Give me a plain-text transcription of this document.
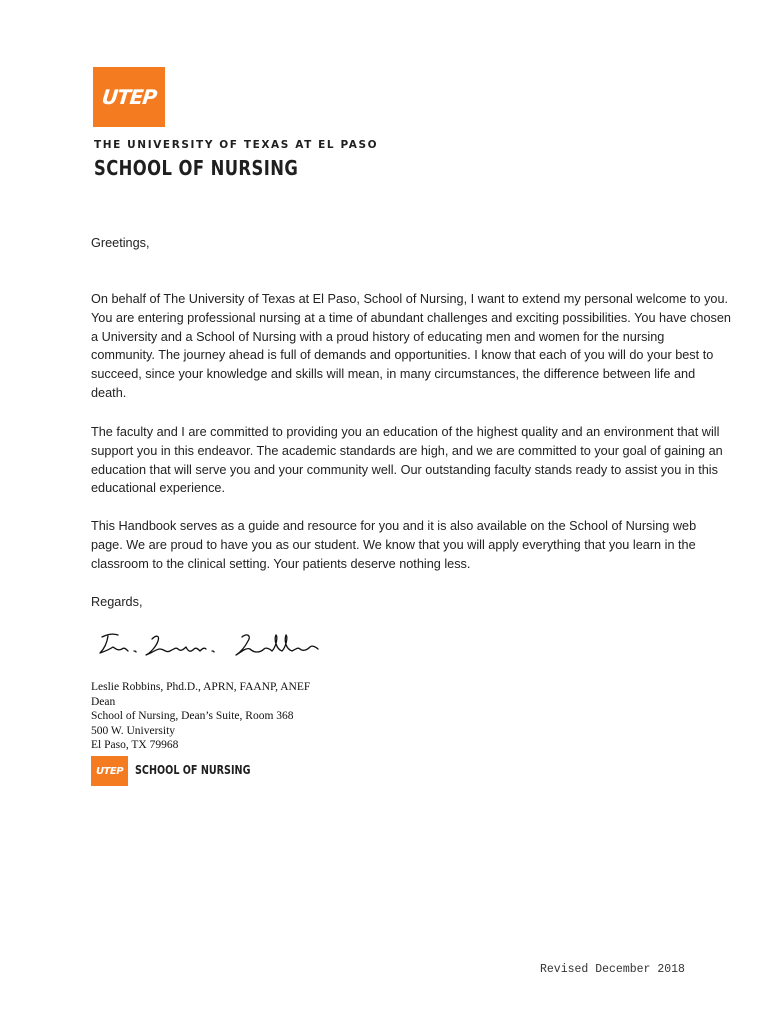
UTEP
THE UNIVERSITY OF TEXAS AT EL PASO
SCHOOL OF NURSING
Greetings,
On behalf of The University of Texas at El Paso, School of Nursing, I want to extend my personal welcome to you. You are entering professional nursing at a time of abundant challenges and exciting possibilities. You have chosen a University and a School of Nursing with a proud history of educating men and women for the nursing community. The journey ahead is full of demands and opportunities. I know that each of you will do your best to succeed, since your knowledge and skills will mean, in many circumstances, the difference between life and death.
The faculty and I are committed to providing you an education of the highest quality and an environment that will support you in this endeavor. The academic standards are high, and we are committed to your goal of gaining an education that will serve you and your community well. Our outstanding faculty stands ready to assist you in this educational experience.
This Handbook serves as a guide and resource for you and it is also available on the School of Nursing web page. We are proud to have you as our student. We know that you will apply everything that you learn in the classroom to the clinical setting. Your patients deserve nothing less.
Regards,
Leslie Robbins, Phd.D., APRN, FAANP, ANEF
Dean
School of Nursing, Dean’s Suite, Room 368
500 W. University
El Paso, TX 79968
UTEP SCHOOL OF NURSING
Revised December 2018
